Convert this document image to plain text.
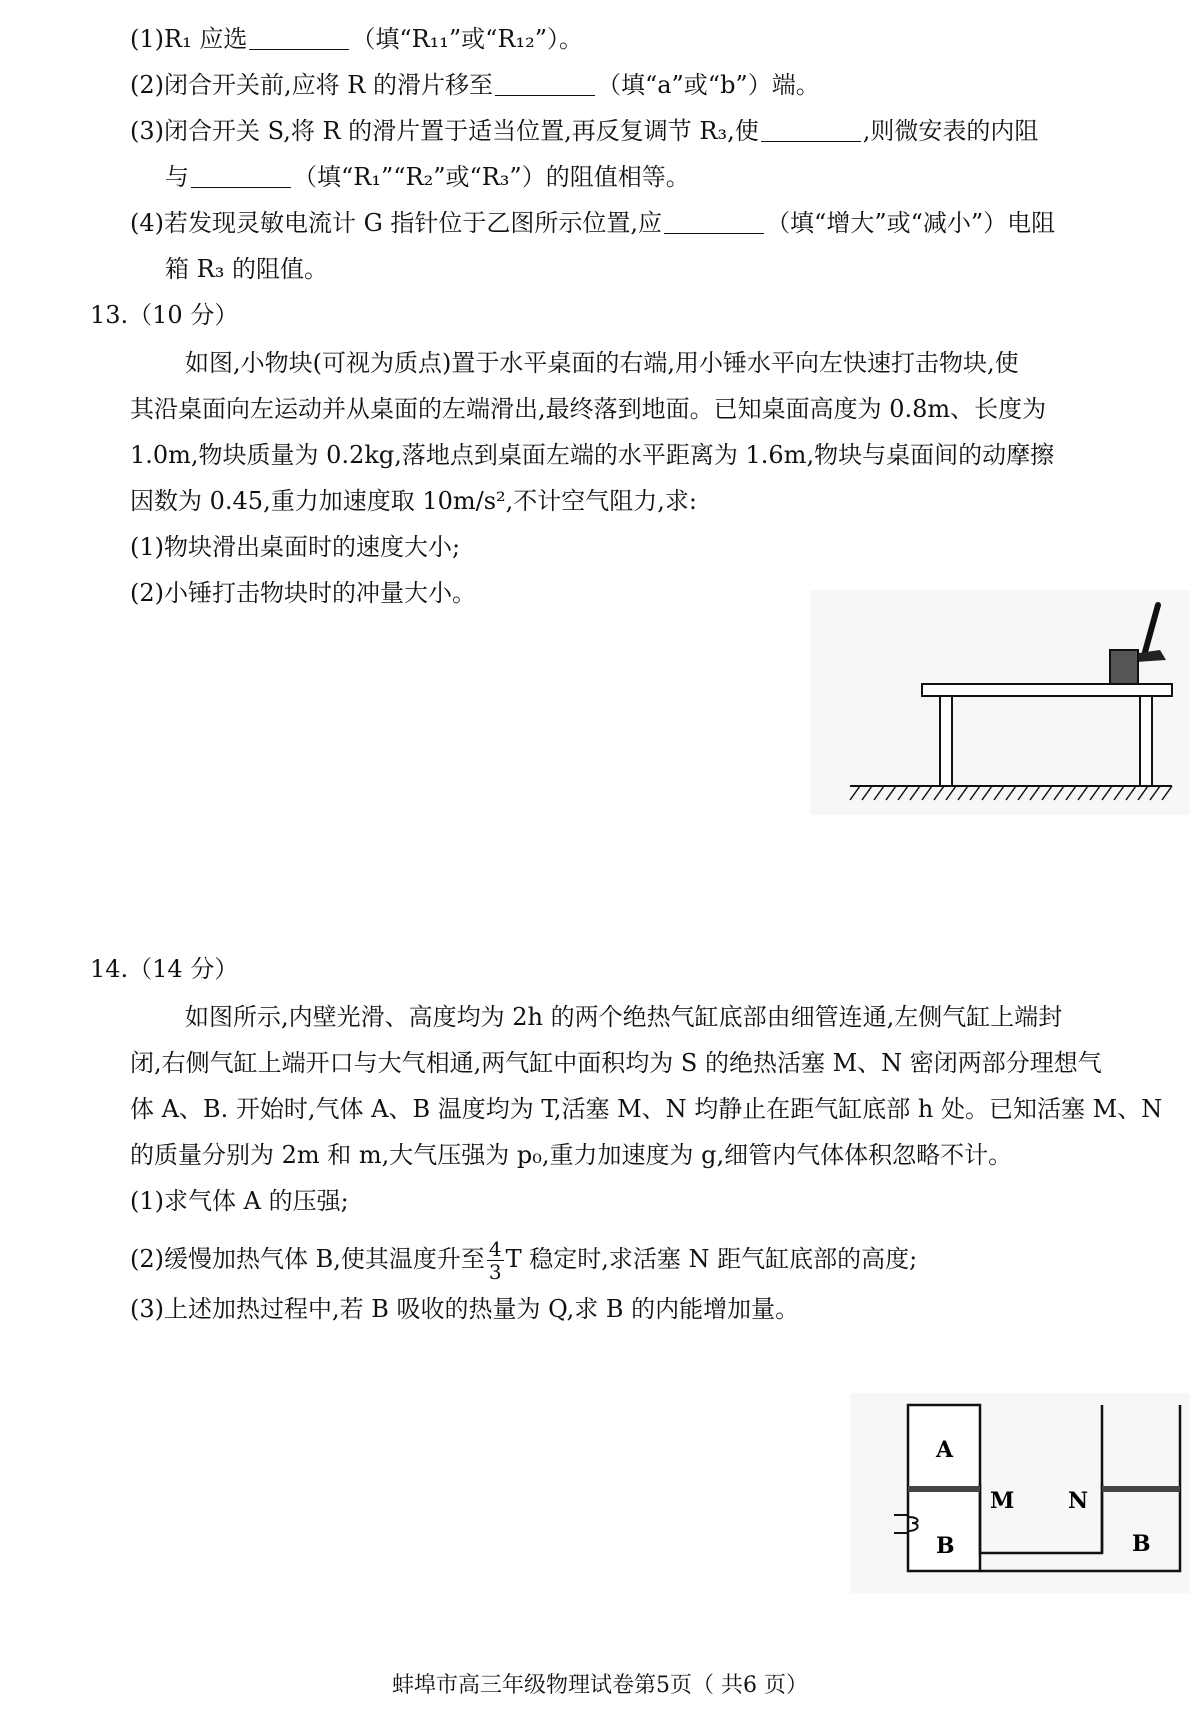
(1)R₁ 应选	（填“R₁₁”或“R₁₂”）。
(2)闭合开关前,应将 R 的滑片移至	（填“a”或“b”）端。
(3)闭合开关 S,将 R 的滑片置于适当位置,再反复调节 R₃,使	,则微安表的内阻
与	（填“R₁”“R₂”或“R₃”）的阻值相等。
(4)若发现灵敏电流计 G 指针位于乙图所示位置,应	（填“增大”或“减小”）电阻
箱 R₃ 的阻值。
13.（10 分）
如图,小物块(可视为质点)置于水平桌面的右端,用小锤水平向左快速打击物块,使
其沿桌面向左运动并从桌面的左端滑出,最终落到地面。已知桌面高度为 0.8m、长度为
1.0m,物块质量为 0.2kg,落地点到桌面左端的水平距离为 1.6m,物块与桌面间的动摩擦
因数为 0.45,重力加速度取 10m/s²,不计空气阻力,求:
(1)物块滑出桌面时的速度大小;
(2)小锤打击物块时的冲量大小。
14.（14 分）
如图所示,内壁光滑、高度均为 2h 的两个绝热气缸底部由细管连通,左侧气缸上端封
闭,右侧气缸上端开口与大气相通,两气缸中面积均为 S 的绝热活塞 M、N 密闭两部分理想气
体 A、B. 开始时,气体 A、B 温度均为 T,活塞 M、N 均静止在距气缸底部 h 处。已知活塞 M、N
的质量分别为 2m 和 m,大气压强为 p₀,重力加速度为 g,细管内气体体积忽略不计。
(1)求气体 A 的压强;
(2)缓慢加热气体 B,使其温度升至 $\frac{4}{3}$ T 稳定时,求活塞 N 距气缸底部的高度;
(3)上述加热过程中,若 B 吸收的热量为 Q,求 B 的内能增加量。
A
B
M N
B
蚌埠市高三年级物理试卷第5页（ 共6 页）
